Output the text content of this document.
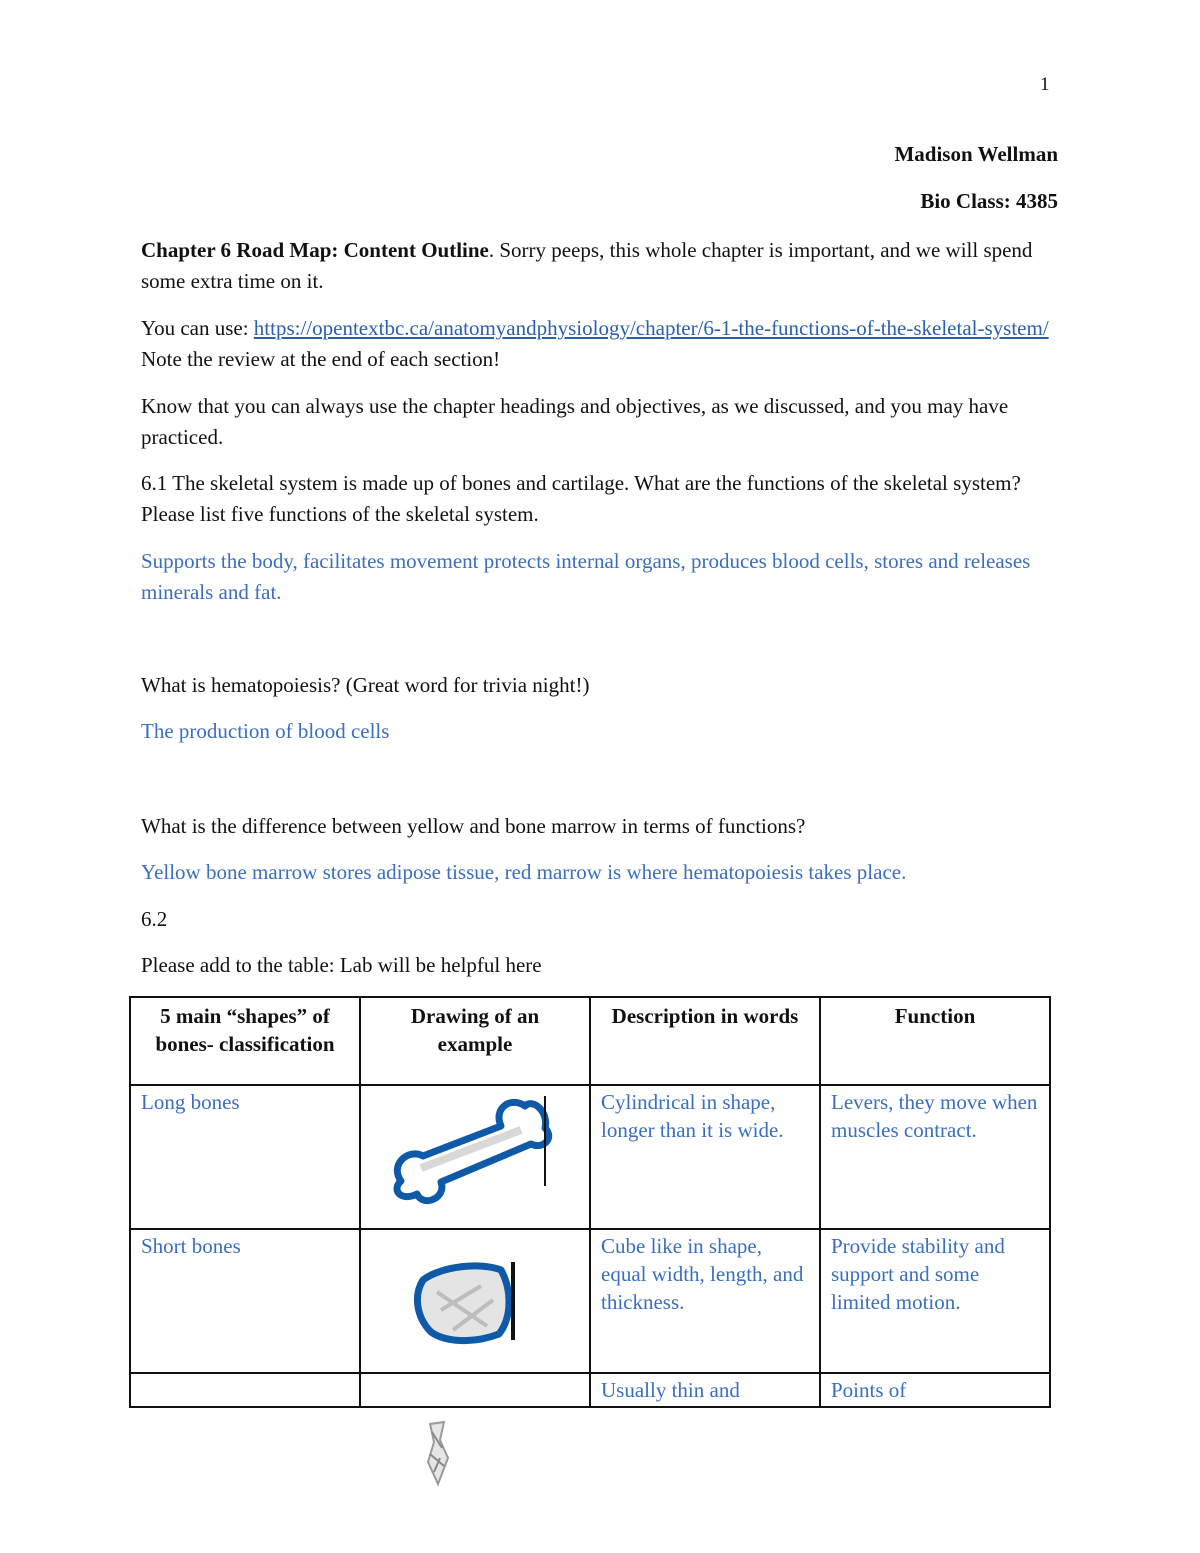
1
Madison Wellman
Bio Class: 4385

Chapter 6 Road Map: Content Outline. Sorry peeps, this whole chapter is important, and we will spend some extra time on it.

You can use: https://opentextbc.ca/anatomyandphysiology/chapter/6-1-the-functions-of-the-skeletal-system/ Note the review at the end of each section!

Know that you can always use the chapter headings and objectives, as we discussed, and you may have practiced.

6.1 The skeletal system is made up of bones and cartilage. What are the functions of the skeletal system? Please list five functions of the skeletal system.

Supports the body, facilitates movement protects internal organs, produces blood cells, stores and releases minerals and fat.

What is hematopoiesis? (Great word for trivia night!)

The production of blood cells

What is the difference between yellow and bone marrow in terms of functions?

Yellow bone marrow stores adipose tissue, red marrow is where hematopoiesis takes place.

6.2

Please add to the table: Lab will be helpful here

5 main “shapes” of bones- classification	Drawing of an example	Description in words	Function
Long bones		Cylindrical in shape, longer than it is wide.	Levers, they move when muscles contract.
Short bones		Cube like in shape, equal width, length, and thickness.	Provide stability and support and some limited motion.
		Usually thin and	Points of
